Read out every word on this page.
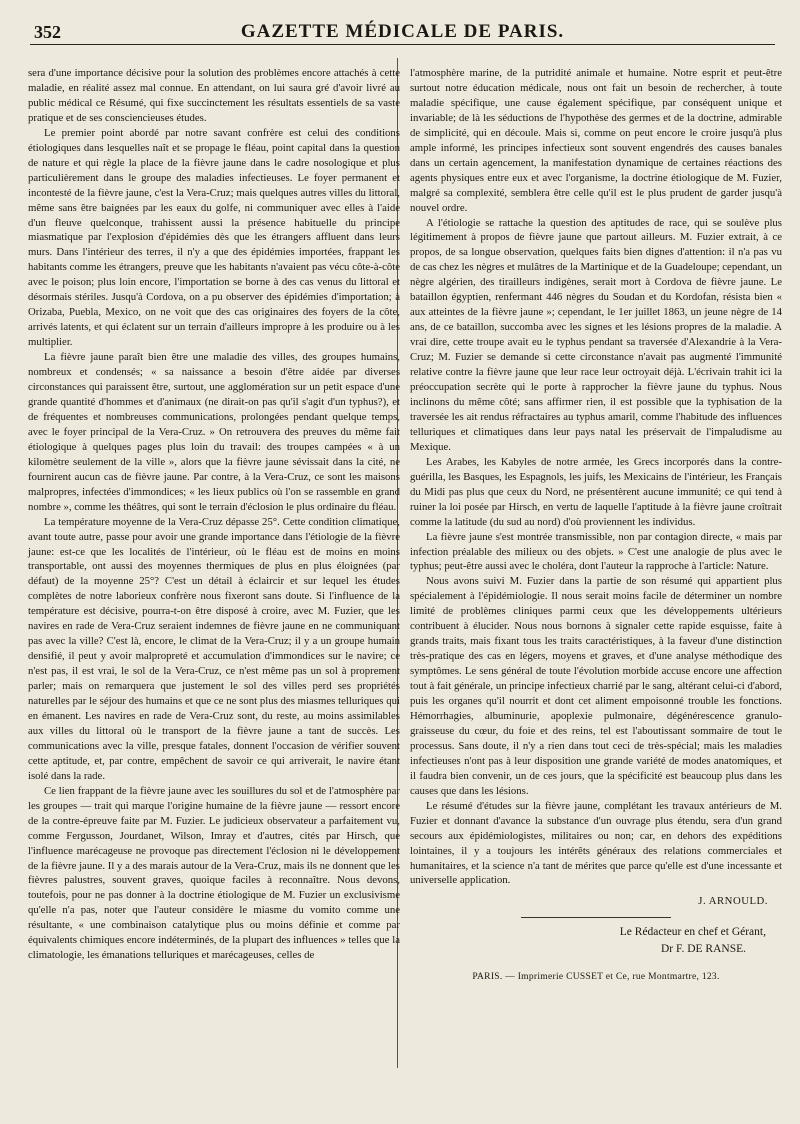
352	GAZETTE MÉDICALE DE PARIS.

sera d'une importance décisive pour la solution des problèmes encore attachés à cette maladie, en réalité assez mal connue. En attendant, on lui saura gré d'avoir livré au public médical ce Résumé, qui fixe succinctement les résultats essentiels de sa vaste pratique et de ses consciencieuses études.

Le premier point abordé par notre savant confrère est celui des conditions étiologiques dans lesquelles naît et se propage le fléau, point capital dans la question de nature et qui règle la place de la fièvre jaune dans le cadre nosologique et plus particulièrement dans le groupe des maladies infectieuses. Le foyer permanent et incontesté de la fièvre jaune, c'est la Vera-Cruz; mais quelques autres villes du littoral, même sans être baignées par les eaux du golfe, ni communiquer avec elles à l'aide d'un fleuve quelconque, trahissent aussi la présence habituelle du principe miasmatique par l'explosion d'épidémies dès que les étrangers affluent dans leurs murs. Dans l'intérieur des terres, il n'y a que des épidémies importées, frappant les habitants comme les étrangers, preuve que les habitants n'avaient pas vécu côte-à-côte avec le poison; plus loin encore, l'importation se borne à des cas venus du littoral et désormais stériles. Jusqu'à Cordova, on a pu observer des épidémies d'importation; à Orizaba, Puebla, Mexico, on ne voit que des cas originaires des foyers de la côte, arrivés latents, et qui éclatent sur un terrain d'ailleurs impropre à les produire ou à les multiplier.

La fièvre jaune paraît bien être une maladie des villes, des groupes humains, nombreux et condensés; « sa naissance a besoin d'être aidée par diverses circonstances qui paraissent être, surtout, une agglomération sur un petit espace d'une grande quantité d'hommes et d'animaux (ne dirait-on pas qu'il s'agit d'un typhus?), et de fréquentes et nombreuses communications, prolongées pendant quelque temps, avec le foyer principal de la Vera-Cruz. » On retrouvera des preuves du même fait étiologique à quelques pages plus loin du travail: des troupes campées « à un kilomètre seulement de la ville », alors que la fièvre jaune sévissait dans la cité, ne fournirent aucun cas de fièvre jaune. Par contre, à la Vera-Cruz, ce sont les maisons malpropres, infectées d'immondices; « les lieux publics où l'on se rassemble en grand nombre », comme les théâtres, qui sont le terrain d'éclosion le plus ordinaire du fléau.

La température moyenne de la Vera-Cruz dépasse 25°. Cette condition climatique, avant toute autre, passe pour avoir une grande importance dans l'étiologie de la fièvre jaune: est-ce que les localités de l'intérieur, où le fléau est de moins en moins transportable, ont aussi des moyennes thermiques de plus en plus éloignées (par défaut) de la moyenne 25°? C'est un détail à éclaircir et sur lequel les études complètes de notre laborieux confrère nous fixeront sans doute. Si l'influence de la température est décisive, pourra-t-on être disposé à croire, avec M. Fuzier, que les navires en rade de Vera-Cruz seraient indemnes de fièvre jaune en ne communiquant pas avec la ville? C'est là, encore, le climat de la Vera-Cruz; il y a un groupe humain densifié, il peut y avoir malpropreté et accumulation d'immondices sur le navire; ce n'est pas, il est vrai, le sol de la Vera-Cruz, ce n'est même pas un sol à proprement parler; mais on remarquera que justement le sol des villes perd ses propriétés naturelles par le séjour des humains et que ce ne sont plus des miasmes telluriques qui en émanent. Les navires en rade de Vera-Cruz sont, du reste, au moins assimilables aux villes du littoral où le transport de la fièvre jaune a tant de succès. Les communications avec la ville, presque fatales, donnent l'occasion de vérifier souvent cette aptitude, et, par contre, empêchent de savoir ce qui arriverait, le navire étant isolé dans la rade.

Ce lien frappant de la fièvre jaune avec les souillures du sol et de l'atmosphère par les groupes — trait qui marque l'origine humaine de la fièvre jaune — ressort encore de la contre-épreuve faite par M. Fuzier. Le judicieux observateur a parfaitement vu, comme Fergusson, Jourdanet, Wilson, Imray et d'autres, cités par Hirsch, que l'influence marécageuse ne provoque pas directement l'éclosion ni le développement de la fièvre jaune. Il y a des marais autour de la Vera-Cruz, mais ils ne donnent que les fièvres palustres, souvent graves, quoique faciles à reconnaître. Nous devons, toutefois, pour ne pas donner à la doctrine étiologique de M. Fuzier un exclusivisme qu'elle n'a pas, noter que l'auteur considère le miasme du vomito comme une résultante, « une combinaison catalytique plus ou moins définie et comme par équivalents chimiques encore indéterminés, de la plupart des influences » telles que la climatologie, les émanations telluriques et marécageuses, celles de

l'atmosphère marine, de la putridité animale et humaine. Notre esprit et peut-être surtout notre éducation médicale, nous ont fait un besoin de rechercher, à toute maladie spécifique, une cause également spécifique, par conséquent unique et invariable; de là les séductions de l'hypothèse des germes et de la doctrine, admirable de simplicité, qui en découle. Mais si, comme on peut encore le croire jusqu'à plus ample informé, les principes infectieux sont souvent engendrés des causes banales dans un certain agencement, la manifestation dynamique de certaines réactions des agents physiques entre eux et avec l'organisme, la doctrine étiologique de M. Fuzier, malgré sa complexité, semblera être celle qu'il est le plus prudent de garder jusqu'à nouvel ordre.

A l'étiologie se rattache la question des aptitudes de race, qui se soulève plus légitimement à propos de fièvre jaune que partout ailleurs. M. Fuzier extrait, à ce propos, de sa longue observation, quelques faits bien dignes d'attention: il n'a pas vu de cas chez les nègres et mulâtres de la Martinique et de la Guadeloupe; cependant, un nègre algérien, des tirailleurs indigènes, serait mort à Cordova de fièvre jaune. Le bataillon égyptien, renfermant 446 nègres du Soudan et du Kordofan, résista bien « aux atteintes de la fièvre jaune »; cependant, le 1er juillet 1863, un jeune nègre de 14 ans, de ce bataillon, succomba avec les signes et les lésions propres de la maladie. A vrai dire, cette troupe avait eu le typhus pendant sa traversée d'Alexandrie à la Vera-Cruz; M. Fuzier se demande si cette circonstance n'avait pas augmenté l'immunité relative contre la fièvre jaune que leur race leur octroyait déjà. L'écrivain trahit ici la préoccupation secrète qui le porte à rapprocher la fièvre jaune du typhus. Nous inclinons du même côté; sans affirmer rien, il est possible que la typhisation de la traversée les ait rendus réfractaires au typhus amaril, comme l'habitude des influences telluriques et climatiques dans leur pays natal les préservait de l'impaludisme au Mexique.

Les Arabes, les Kabyles de notre armée, les Grecs incorporés dans la contre-guérilla, les Basques, les Espagnols, les juifs, les Mexicains de l'intérieur, les Français du Midi pas plus que ceux du Nord, ne présentèrent aucune immunité; ce qui tend à ruiner la loi posée par Hirsch, en vertu de laquelle l'aptitude à la fièvre jaune croîtrait comme la latitude (du sud au nord) d'où proviennent les individus.

La fièvre jaune s'est montrée transmissible, non par contagion directe, « mais par infection préalable des milieux ou des objets. » C'est une analogie de plus avec le typhus; peut-être aussi avec le choléra, dont l'auteur la rapproche à l'article: Nature.

Nous avons suivi M. Fuzier dans la partie de son résumé qui appartient plus spécialement à l'épidémiologie. Il nous serait moins facile de déterminer un nombre limité de problèmes cliniques parmi ceux que les développements ultérieurs contribuent à élucider. Nous nous bornons à signaler cette rapide esquisse, faite à grands traits, mais fixant tous les traits caractéristiques, à la faveur d'une distinction très-pratique des cas en légers, moyens et graves, et d'une analyse méthodique des symptômes. Le sens général de toute l'évolution morbide accuse encore une affection tout à fait générale, un principe infectieux charrié par le sang, altérant celui-ci d'abord, puis les organes qu'il nourrit et dont cet aliment empoisonné trouble les fonctions. Hémorrhagies, albuminurie, apoplexie pulmonaire, dégénérescence granulo-graisseuse du cœur, du foie et des reins, tel est l'aboutissant sommaire de tout le processus. Sans doute, il n'y a rien dans tout ceci de très-spécial; mais les maladies infectieuses n'ont pas à leur disposition une grande variété de modes anatomiques, et il faudra bien convenir, un de ces jours, que la spécificité est beaucoup plus dans les causes que dans les lésions.

Le résumé d'études sur la fièvre jaune, complétant les travaux antérieurs de M. Fuzier et donnant d'avance la substance d'un ouvrage plus étendu, sera d'un grand secours aux épidémiologistes, militaires ou non; car, en dehors des expéditions lointaines, il y a toujours les intérêts généraux des relations commerciales et humanitaires, et la science n'a tant de mérites que parce qu'elle est d'une incessante et universelle application.

J. ARNOULD.
Le Rédacteur en chef et Gérant,
Dr F. DE RANSE.
PARIS. — Imprimerie CUSSET et Ce, rue Montmartre, 123.
